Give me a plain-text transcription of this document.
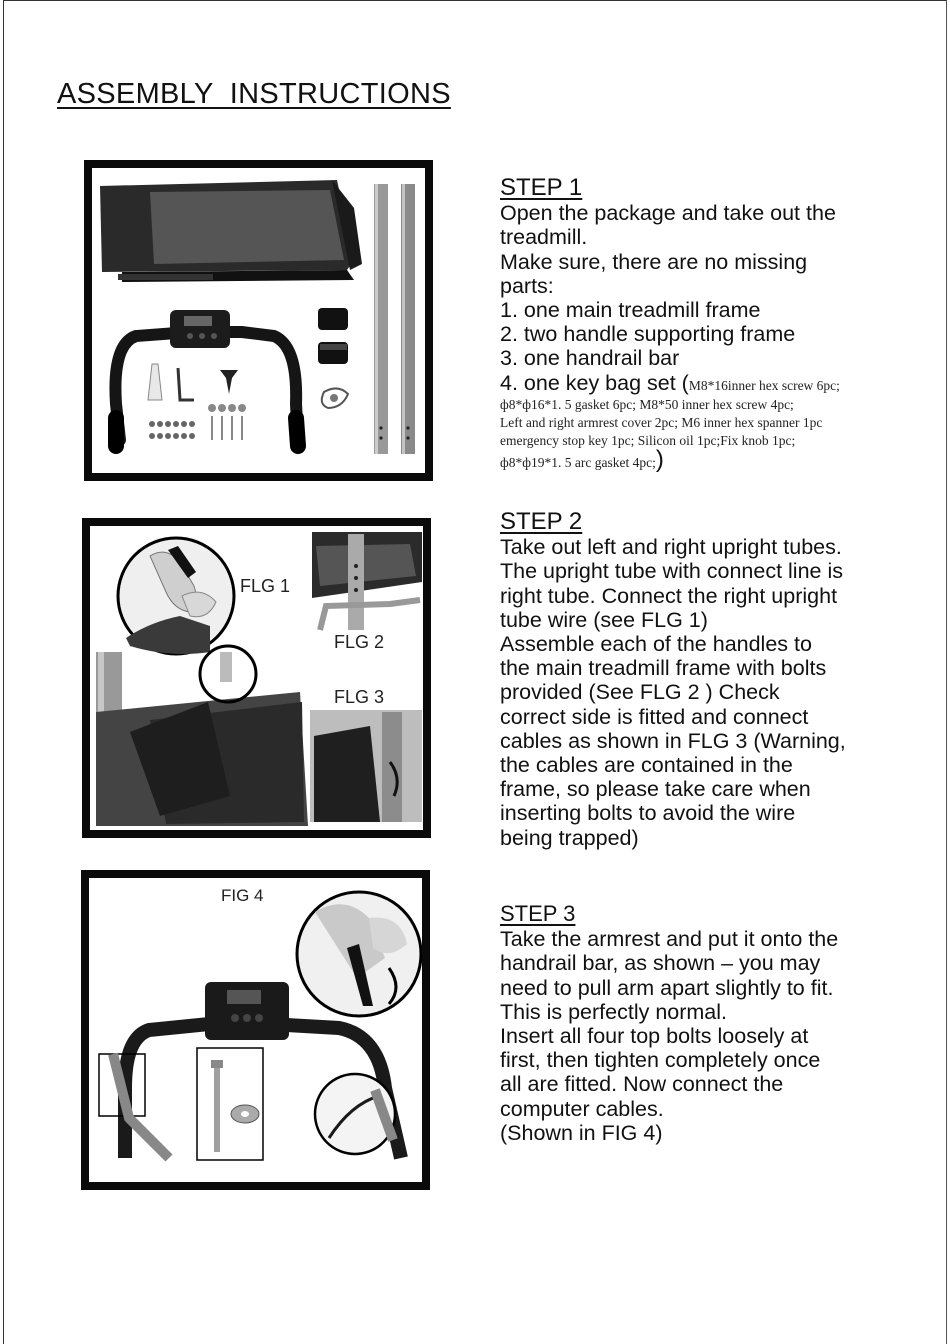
ASSEMBLY  INSTRUCTIONS
STEP 1
Open the package and take out the
treadmill.
Make sure, there are no missing
parts:
1. one main treadmill frame
2. two handle supporting frame
3. one handrail bar
4. one key bag set (M8*16inner hex screw 6pc;
ф8*ф16*1. 5 gasket 6pc; M8*50 inner hex screw 4pc;
Left and right armrest cover 2pc; M6 inner hex spanner 1pc
emergency stop key 1pc; Silicon oil 1pc;Fix knob 1pc;
ф8*ф19*1. 5 arc gasket 4pc;)
FLG 1
FLG 2
FLG 3
STEP 2
Take out left and right upright tubes.
The upright tube with connect line is
right tube. Connect the right upright
tube wire (see FLG 1)
Assemble each of the handles to
the main treadmill frame with bolts
provided (See FLG 2 ) Check
correct side is fitted and connect
cables as shown in FLG 3 (Warning,
the cables are contained in the
frame, so please take care when
inserting bolts to avoid the wire
being trapped)
FIG 4
STEP 3
Take the armrest and put it onto the
handrail bar, as shown – you may
need to pull arm apart slightly to fit.
This is perfectly normal.
Insert all four top bolts loosely at
first, then tighten completely once
all are fitted. Now connect the
computer cables.
(Shown in FIG 4)
